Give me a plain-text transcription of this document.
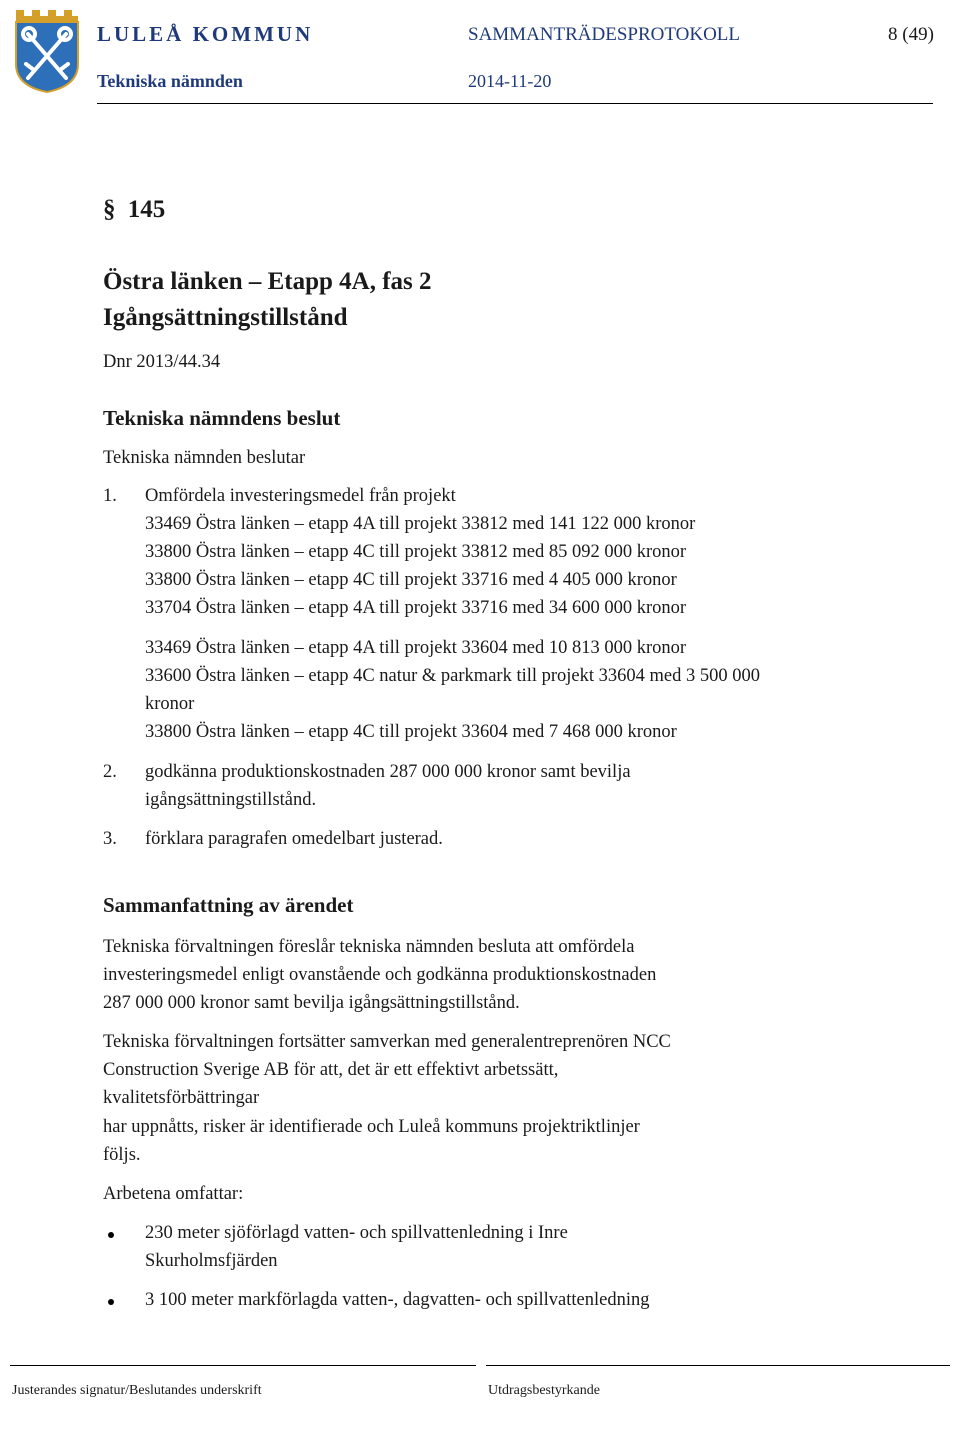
LULEÅ KOMMUN
Tekniska nämnden
SAMMANTRÄDESPROTOKOLL
2014-11-20
8 (49)
§ 145
Östra länken – Etapp 4A, fas 2
Igångsättningstillstånd
Dnr 2013/44.34
Tekniska nämndens beslut
Tekniska nämnden beslutar
1. Omfördela investeringsmedel från projekt
33469 Östra länken – etapp 4A till projekt 33812 med 141 122 000 kronor
33800 Östra länken – etapp 4C till projekt 33812 med 85 092 000 kronor
33800 Östra länken – etapp 4C till projekt 33716 med 4 405 000 kronor
33704 Östra länken – etapp 4A till projekt 33716 med 34 600 000 kronor
33469 Östra länken – etapp 4A till projekt 33604 med 10 813 000 kronor
33600 Östra länken – etapp 4C natur & parkmark till projekt 33604 med 3 500 000
kronor
33800 Östra länken – etapp 4C till projekt 33604 med 7 468 000 kronor
2. godkänna produktionskostnaden 287 000 000 kronor samt bevilja
igångsättningstillstånd.
3. förklara paragrafen omedelbart justerad.
Sammanfattning av ärendet
Tekniska förvaltningen föreslår tekniska nämnden besluta att omfördela
investeringsmedel enligt ovanstående och godkänna produktionskostnaden
287 000 000 kronor samt bevilja igångsättningstillstånd.
Tekniska förvaltningen fortsätter samverkan med generalentreprenören NCC
Construction Sverige AB för att, det är ett effektivt arbetssätt,
kvalitetsförbättringar
har uppnåtts, risker är identifierade och Luleå kommuns projektriktlinjer
följs.
Arbetena omfattar:
230 meter sjöförlagd vatten- och spillvattenledning i Inre
Skurholmsfjärden
3 100 meter markförlagda vatten-, dagvatten- och spillvattenledning
Justerandes signatur/Beslutandes underskrift	Utdragsbestyrkande
